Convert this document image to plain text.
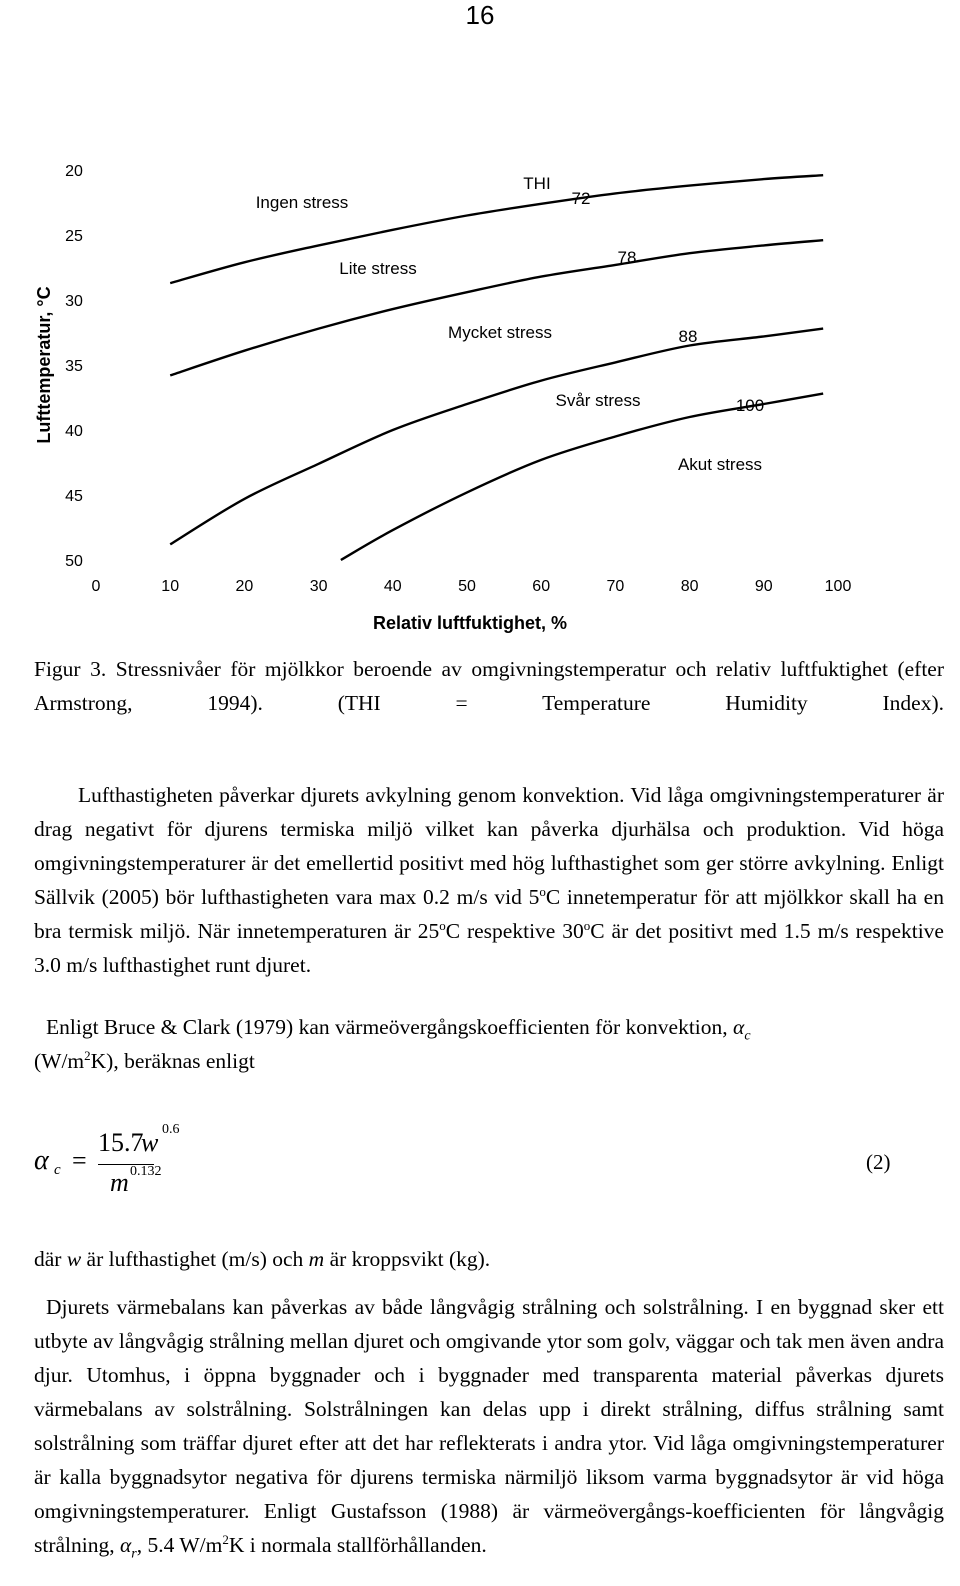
16
20
25
30
35
40
45
50
0	10	20	30	40	50	60	70	80	90	100
Ingen stress
Lite stress
Mycket stress
Svår stress
Akut stress
72
78
88
100
Lufttemperatur, °C
Relativ luftfuktighet, %
THI
Figur 3. Stressnivåer för mjölkkor beroende av omgivningstemperatur och relativ luftfuktighet (efter Armstrong, 1994). (THI = Temperature Humidity Index).
Lufthastigheten påverkar djurets avkylning genom konvektion. Vid låga omgivningstemperaturer är drag negativt för djurens termiska miljö vilket kan påverka djurhälsa och produktion. Vid höga omgivningstemperaturer är det emellertid positivt med hög lufthastighet som ger större avkylning. Enligt Sällvik (2005) bör lufthastigheten vara max 0.2 m/s vid 5$^o$C innetemperatur för att mjölkkor skall ha en bra termisk miljö. När innetemperaturen är 25$^o$C respektive 30$^o$C är det positivt med 1.5 m/s respektive 3.0 m/s lufthastighet runt djuret.
Enligt Bruce & Clark (1979) kan värmeövergångskoefficienten för konvektion, $\alpha_c$
$(W/m^2K)$, beräknas enligt
α c =
15.7
w 0.6
m 0.132	(2)
där w är lufthastighet (m/s) och m är kroppsvikt (kg).
Djurets värmebalans kan påverkas av både långvågig strålning och solstrålning. I en byggnad sker ett utbyte av långvågig strålning mellan djuret och omgivande ytor som golv, väggar och tak men även andra djur. Utomhus, i öppna byggnader och i byggnader med transparenta material påverkas djurets värmebalans av solstrålning. Solstrålningen kan delas upp i direkt strålning, diffus strålning samt solstrålning som träffar djuret efter att det har reflekterats i andra ytor. Vid låga omgivningstemperaturer är kalla byggnadsytor negativa för djurens termiska närmiljö liksom varma byggnadsytor är vid höga omgivningstemperaturer. Enligt Gustafsson (1988) är värmeövergångs-koefficienten för långvågig strålning, $\alpha_r$, 5.4 $W/m^2K$ i normala stallförhållanden.
